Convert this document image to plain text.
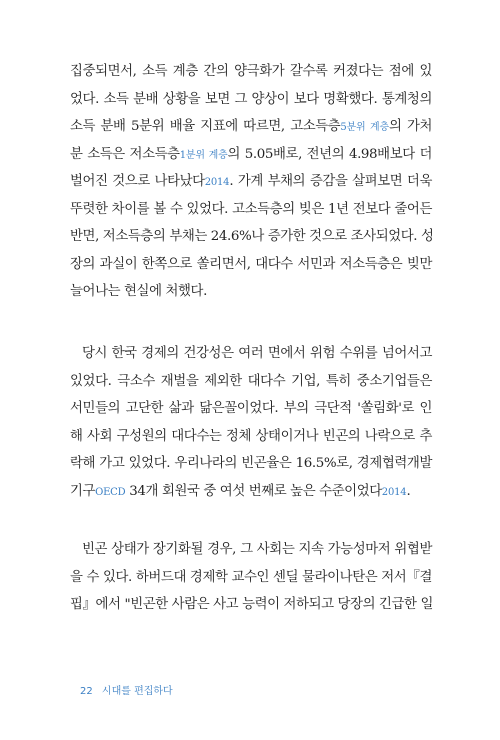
집중되면서, 소득 계층 간의 양극화가 갈수록 커졌다는 점에 있
었다. 소득 분배 상황을 보면 그 양상이 보다 명확했다. 통계청의
소득 분배 5분위 배율 지표에 따르면, 고소득층5분위 계층의 가처
분 소득은 저소득층1분위 계층의 5.05배로, 전년의 4.98배보다 더
벌어진 것으로 나타났다2014. 가계 부채의 증감을 살펴보면 더욱
뚜렷한 차이를 볼 수 있었다. 고소득층의 빚은 1년 전보다 줄어든
반면, 저소득층의 부채는 24.6%나 증가한 것으로 조사되었다. 성
장의 과실이 한쪽으로 쏠리면서, 대다수 서민과 저소득층은 빚만
늘어나는 현실에 처했다.
당시 한국 경제의 건강성은 여러 면에서 위험 수위를 넘어서고
있었다. 극소수 재벌을 제외한 대다수 기업, 특히 중소기업들은
서민들의 고단한 삶과 닮은꼴이었다. 부의 극단적 '쏠림화'로 인
해 사회 구성원의 대다수는 정체 상태이거나 빈곤의 나락으로 추
락해 가고 있었다. 우리나라의 빈곤율은 16.5%로, 경제협력개발
기구OECD 34개 회원국 중 여섯 번째로 높은 수준이었다2014.
빈곤 상태가 장기화될 경우, 그 사회는 지속 가능성마저 위협받
을 수 있다. 하버드대 경제학 교수인 센딜 물라이나탄은 저서『결
핍』에서 "빈곤한 사람은 사고 능력이 저하되고 당장의 긴급한 일
22 시대를 편집하다
